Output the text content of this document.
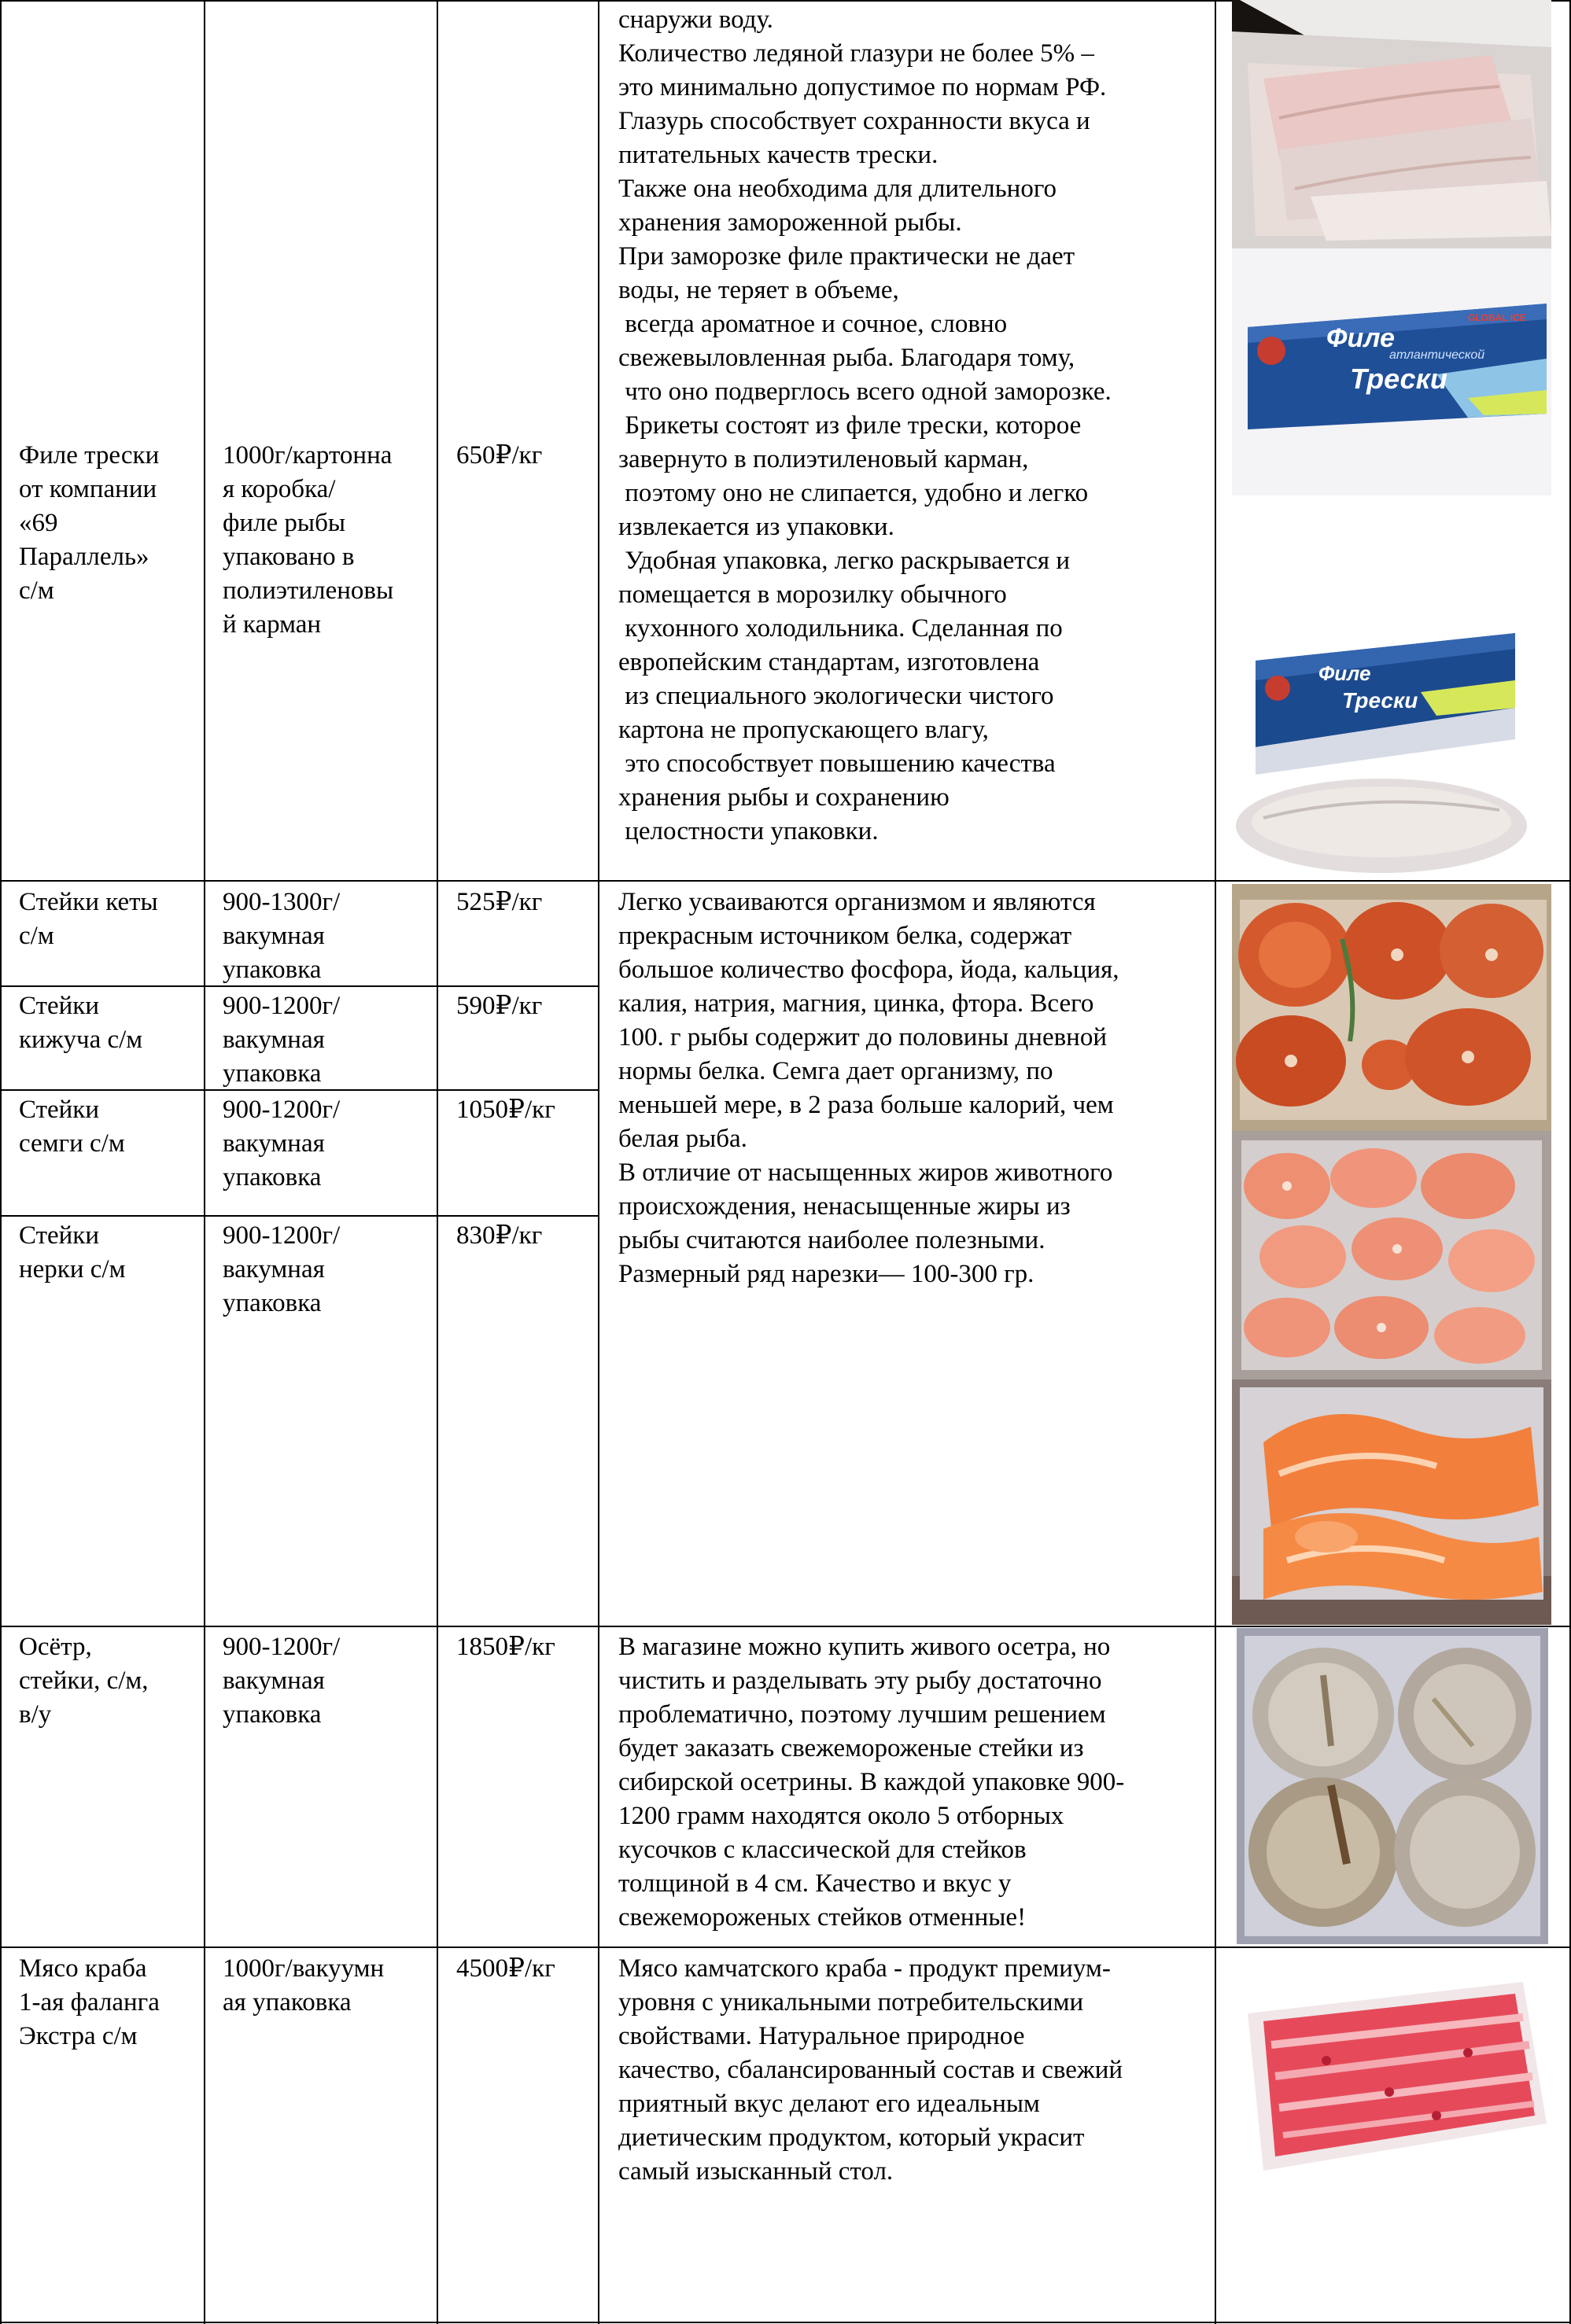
Филе трески
от компании
«69
Параллель»
с/м
1000г/картонна
я коробка/
филе рыбы
упаковано в
полиэтиленовы
й карман
650₽/кг
снаружи воду.
Количество ледяной глазури не более 5% –
это минимально допустимое по нормам РФ.
Глазурь способствует сохранности вкуса и
питательных качеств трески.
Также она необходима для длительного
хранения замороженной рыбы.
При заморозке филе практически не дает
воды, не теряет в объеме,
всегда ароматное и сочное, словно
свежевыловленная рыба. Благодаря тому,
что оно подверглось всего одной заморозке.
Брикеты состоят из филе трески, которое
завернуто в полиэтиленовый карман,
поэтому оно не слипается, удобно и легко
извлекается из упаковки.
Удобная упаковка, легко раскрывается и
помещается в морозилку обычного
кухонного холодильника. Сделанная по
европейским стандартам, изготовлена
из специального экологически чистого
картона не пропускающего влагу,
это способствует повышению качества
хранения рыбы и сохранению
целостности упаковки.
Филе
атлантической
Трески
GLOBAL ICE
Филе
Трески
Стейки кеты
с/м
900-1300г/
вакумная
упаковка
525₽/кг
Стейки
кижуча с/м
900-1200г/
вакумная
упаковка
590₽/кг
Стейки
семги с/м
900-1200г/
вакумная
упаковка
1050₽/кг
Стейки
нерки с/м
900-1200г/
вакумная
упаковка
830₽/кг
Легко усваиваются организмом и являются
прекрасным источником белка, содержат
большое количество фосфора, йода, кальция,
калия, натрия, магния, цинка, фтора. Всего
100. г рыбы содержит до половины дневной
нормы белка. Семга дает организму, по
меньшей мере, в 2 раза больше калорий, чем
белая рыба.
В отличие от насыщенных жиров животного
происхождения, ненасыщенные жиры из
рыбы считаются наиболее полезными.
Размерный ряд нарезки— 100-300 гр.
Осётр,
стейки, с/м,
в/у
900-1200г/
вакумная
упаковка
1850₽/кг В магазине можно купить живого осетра, но
чистить и разделывать эту рыбу достаточно
проблематично, поэтому лучшим решением
будет заказать свежемороженые стейки из
сибирской осетрины. В каждой упаковке 900-
1200 грамм находятся около 5 отборных
кусочков с классической для стейков
толщиной в 4 см. Качество и вкус у
свежемороженых стейков отменные!
Мясо краба
1-ая фаланга
Экстра с/м
1000г/вакуумн
ая упаковка
4500₽/кг Мясо камчатского краба - продукт премиум-
уровня с уникальными потребительскими
свойствами. Натуральное природное
качество, сбалансированный состав и свежий
приятный вкус делают его идеальным
диетическим продуктом, который украсит
самый изысканный стол.
